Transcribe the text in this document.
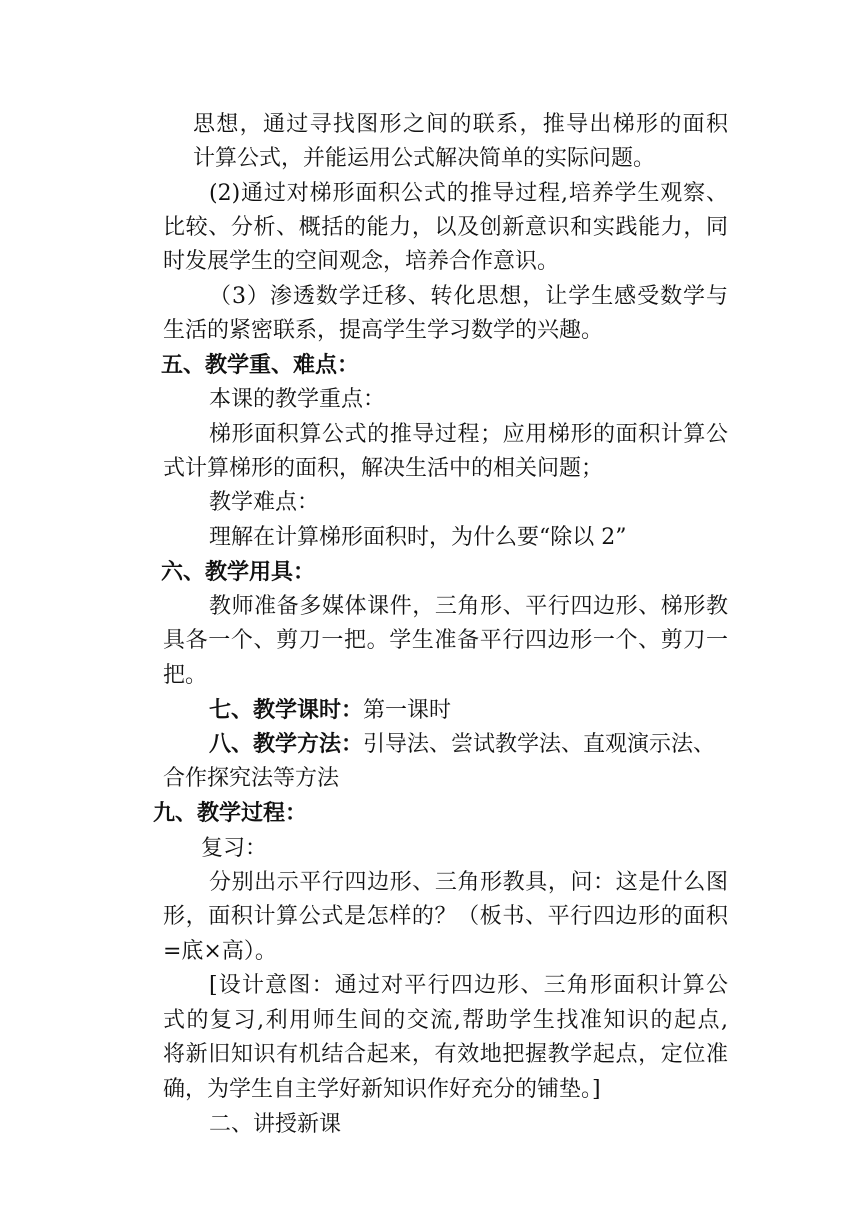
思想，通过寻找图形之间的联系，推导出梯形的面积
计算公式，并能运用公式解决简单的实际问题。
(2)通过对梯形面积公式的推导过程,培养学生观察、
比较、分析、概括的能力，以及创新意识和实践能力，同
时发展学生的空间观念，培养合作意识。
（3）渗透数学迁移、转化思想，让学生感受数学与
生活的紧密联系，提高学生学习数学的兴趣。
五、教学重、难点：
本课的教学重点：
梯形面积算公式的推导过程；应用梯形的面积计算公
式计算梯形的面积，解决生活中的相关问题；
教学难点：
理解在计算梯形面积时，为什么要“除以 2”
六、教学用具：
教师准备多媒体课件，三角形、平行四边形、梯形教
具各一个、剪刀一把。学生准备平行四边形一个、剪刀一
把。
七、教学课时：第一课时
八、教学方法：引导法、尝试教学法、直观演示法、
合作探究法等方法
九、教学过程：
复习：
分别出示平行四边形、三角形教具，问：这是什么图
形，面积计算公式是怎样的？（板书、平行四边形的面积
=底×高）。
[设计意图：通过对平行四边形、三角形面积计算公
式的复习,利用师生间的交流,帮助学生找准知识的起点,
将新旧知识有机结合起来，有效地把握教学起点，定位准
确，为学生自主学好新知识作好充分的铺垫。]
二、讲授新课
